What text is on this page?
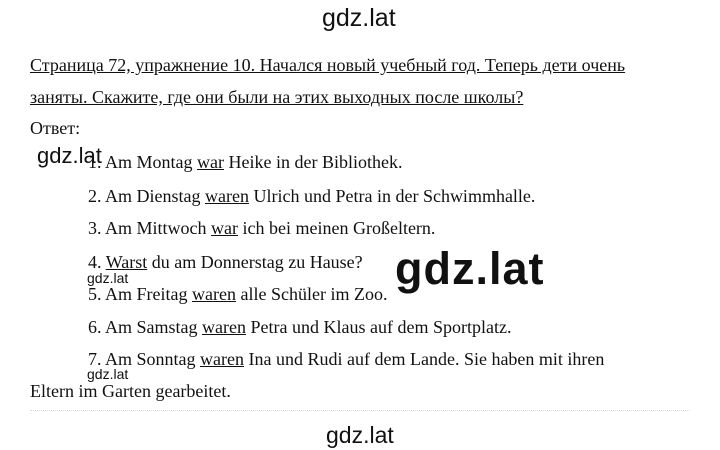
gdz.lat
Страница 72, упражнение 10. Начался новый учебный год. Теперь дети очень
заняты. Скажите, где они были на этих выходных после школы?
Ответ:
1. Am Montag war Heike in der Bibliothek.
2. Am Dienstag waren Ulrich und Petra in der Schwimmhalle.
3. Am Mittwoch war ich bei meinen Großeltern.
4. Warst du am Donnerstag zu Hause?
5. Am Freitag waren alle Schüler im Zoo.
6. Am Samstag waren Petra und Klaus auf dem Sportplatz.
7. Am Sonntag waren Ina und Rudi auf dem Lande. Sie haben mit ihren
Eltern im Garten gearbeitet.
gdz.lat
gdz.lat
gdz.lat
gdz.lat
gdz.lat
